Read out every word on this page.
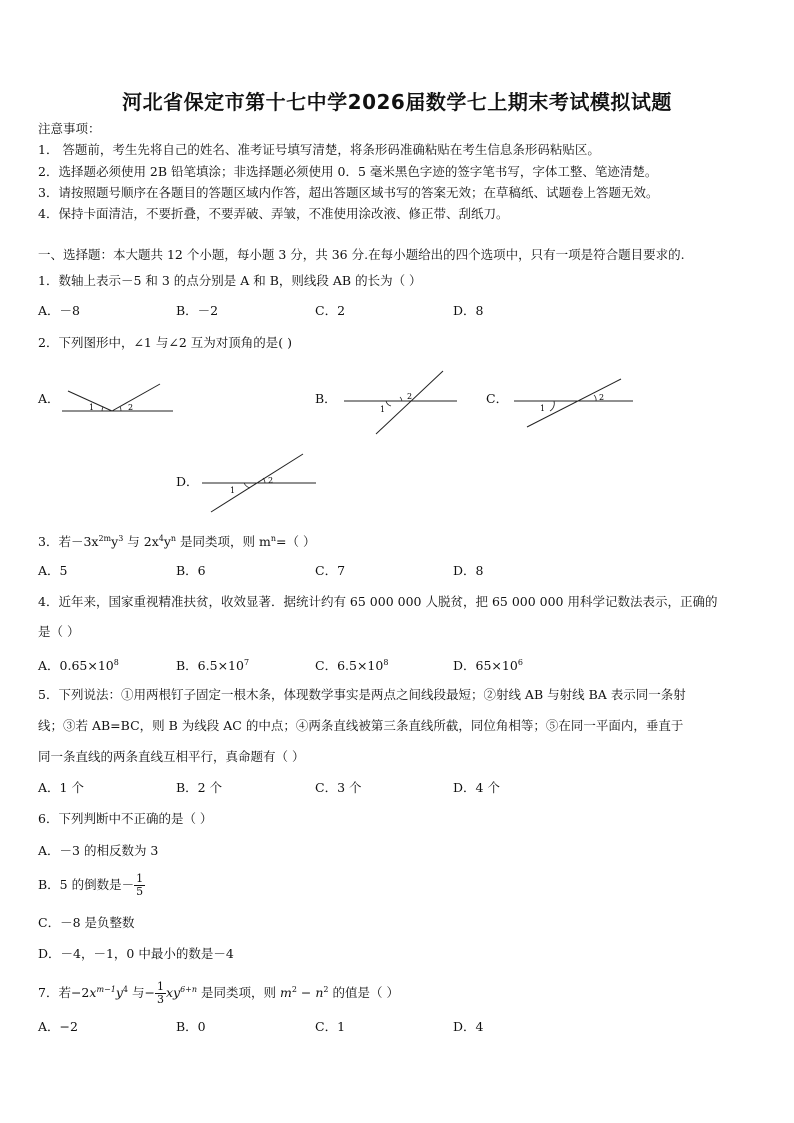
河北省保定市第十七中学2026届数学七上期末考试模拟试题
注意事项：
1． 答题前，考生先将自己的姓名、准考证号填写清楚，将条形码准确粘贴在考生信息条形码粘贴区。
2．选择题必须使用 2B 铅笔填涂；非选择题必须使用 0．5 毫米黑色字迹的签字笔书写，字体工整、笔迹清楚。
3．请按照题号顺序在各题目的答题区域内作答，超出答题区域书写的答案无效；在草稿纸、试题卷上答题无效。
4．保持卡面清洁，不要折叠，不要弄破、弄皱，不准使用涂改液、修正带、刮纸刀。
一、选择题：本大题共 12 个小题，每小题 3 分，共 36 分.在每小题给出的四个选项中，只有一项是符合题目要求的.
1．数轴上表示－5 和 3 的点分别是 A 和 B，则线段 AB 的长为（ ）
A．－8	B．－2	C．2	D．8
2．下列图形中，∠1 与∠2 互为对顶角的是( )
A．
1	2
B．
1
2	C．
1
2
D．
1
2
3．若$-3x^{2m}y^3$ 与 $2x^4y^n$ 是同类项，则 $m^n=$（ ）
A．5	B．6	C．7	D．8
4．近年来，国家重视精准扶贫，收效显著．据统计约有 65 000 000 人脱贫，把 65 000 000 用科学记数法表示，正确的
是（ ）
A．$0.65\times 10^8$	B．$6.5\times 10^7$	C．$6.5\times 10^8$	D．$65\times 10^6$
5．下列说法：①用两根钉子固定一根木条，体现数学事实是两点之间线段最短；②射线 AB 与射线 BA 表示同一条射
线；③若 AB=BC，则 B 为线段 AC 的中点；④两条直线被第三条直线所截，同位角相等；⑤在同一平面内，垂直于
同一条直线的两条直线互相平行，真命题有（ ）
A．1 个	B．2 个	C．3 个	D．4 个
6．下列判断中不正确的是（ ）
A．－3 的相反数为 3
B．5 的倒数是－ $\frac{1}{5}$
C．－8 是负整数
D．－4，－1，0 中最小的数是－4
7．若$-2x^{m-1}y^4$ 与− $\frac{1}{3} xy^{6+n}$ 是同类项，则 $m^2 - n^2$ 的值是（ ）
A．−2	B．0	C．1	D．4
